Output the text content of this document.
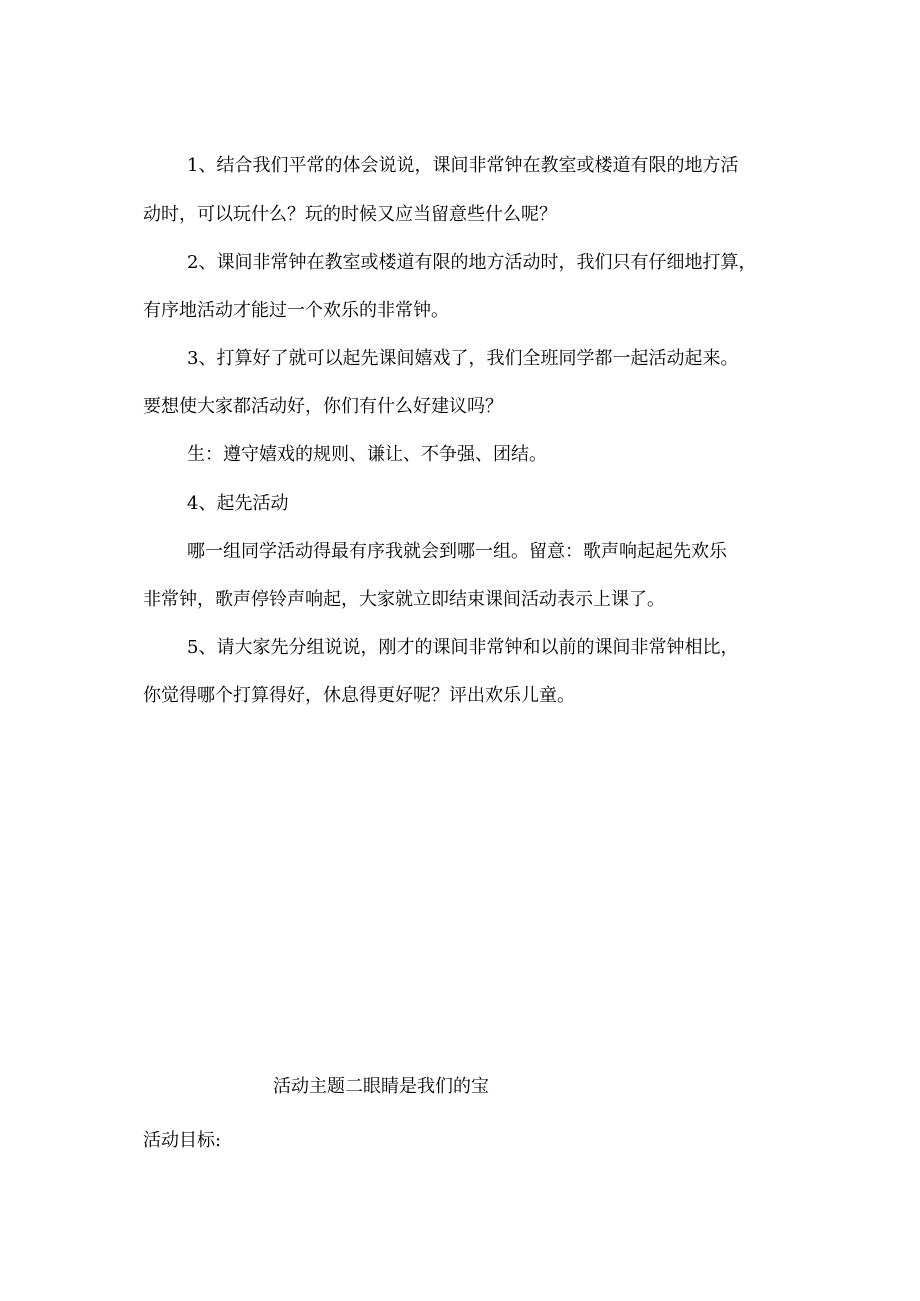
1、结合我们平常的体会说说，课间非常钟在教室或楼道有限的地方活

动时，可以玩什么？玩的时候又应当留意些什么呢？

2、课间非常钟在教室或楼道有限的地方活动时，我们只有仔细地打算，

有序地活动才能过一个欢乐的非常钟。

3、打算好了就可以起先课间嬉戏了，我们全班同学都一起活动起来。

要想使大家都活动好，你们有什么好建议吗？

生：遵守嬉戏的规则、谦让、不争强、团结。

4、起先活动

哪一组同学活动得最有序我就会到哪一组。留意：歌声响起起先欢乐

非常钟，歌声停铃声响起，大家就立即结束课间活动表示上课了。

5、请大家先分组说说，刚才的课间非常钟和以前的课间非常钟相比，

你觉得哪个打算得好，休息得更好呢？评出欢乐儿童。

活动主题二眼睛是我们的宝

活动目标:
